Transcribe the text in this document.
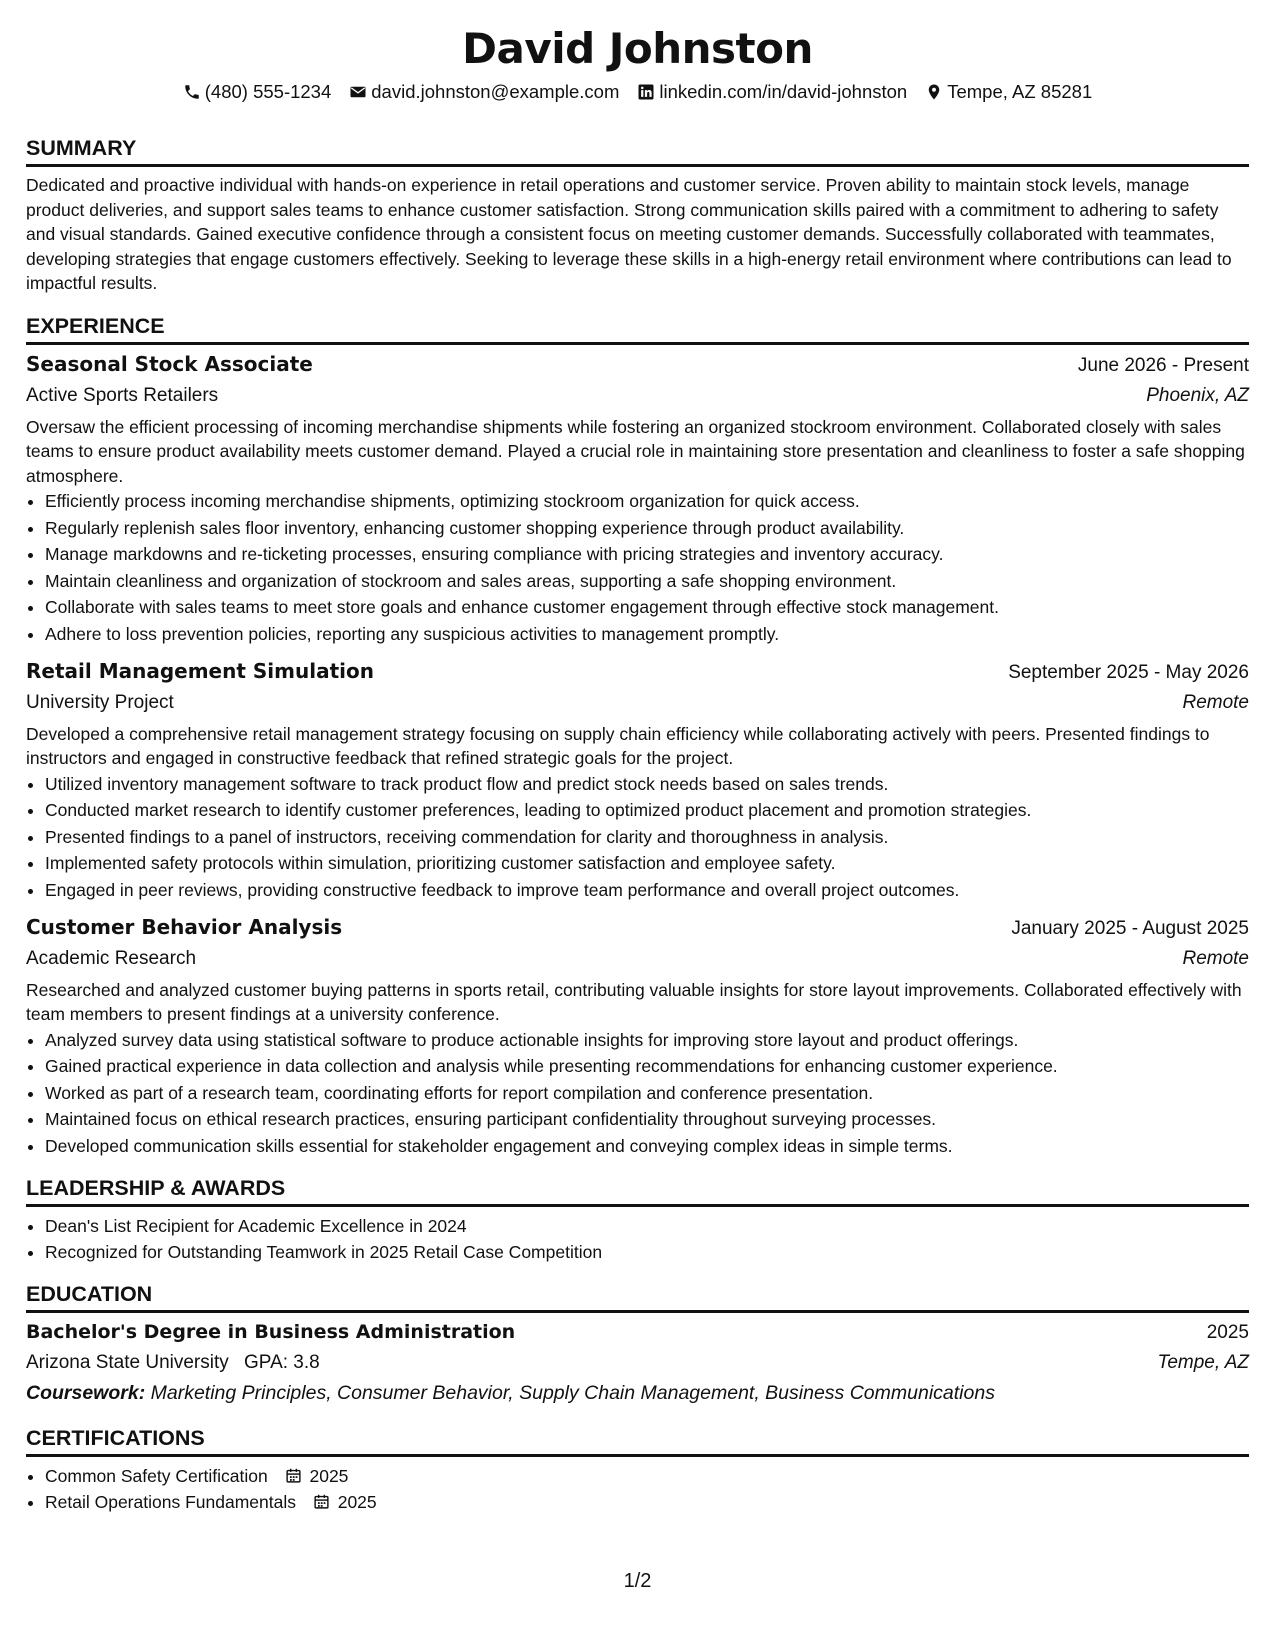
David Johnston
(480) 555-1234 david.johnston@example.com linkedin.com/in/david-johnston Tempe, AZ 85281
SUMMARY

Dedicated and proactive individual with hands-on experience in retail operations and customer service. Proven ability to maintain stock levels, manage product deliveries, and support sales teams to enhance customer satisfaction. Strong communication skills paired with a commitment to adhering to safety and visual standards. Gained executive confidence through a consistent focus on meeting customer demands. Successfully collaborated with teammates, developing strategies that engage customers effectively. Seeking to leverage these skills in a high-energy retail environment where contributions can lead to impactful results.

EXPERIENCE
Seasonal Stock Associate	June 2026 - Present
Active Sports Retailers	Phoenix, AZ

Oversaw the efficient processing of incoming merchandise shipments while fostering an organized stockroom environment. Collaborated closely with sales teams to ensure product availability meets customer demand. Played a crucial role in maintaining store presentation and cleanliness to foster a safe shopping atmosphere.

• Efficiently process incoming merchandise shipments, optimizing stockroom organization for quick access.
• Regularly replenish sales floor inventory, enhancing customer shopping experience through product availability.
• Manage markdowns and re-ticketing processes, ensuring compliance with pricing strategies and inventory accuracy.
• Maintain cleanliness and organization of stockroom and sales areas, supporting a safe shopping environment.
• Collaborate with sales teams to meet store goals and enhance customer engagement through effective stock management.
• Adhere to loss prevention policies, reporting any suspicious activities to management promptly.
Retail Management Simulation	September 2025 - May 2026
University Project	Remote

Developed a comprehensive retail management strategy focusing on supply chain efficiency while collaborating actively with peers. Presented findings to instructors and engaged in constructive feedback that refined strategic goals for the project.

• Utilized inventory management software to track product flow and predict stock needs based on sales trends.
• Conducted market research to identify customer preferences, leading to optimized product placement and promotion strategies.
• Presented findings to a panel of instructors, receiving commendation for clarity and thoroughness in analysis.
• Implemented safety protocols within simulation, prioritizing customer satisfaction and employee safety.
• Engaged in peer reviews, providing constructive feedback to improve team performance and overall project outcomes.
Customer Behavior Analysis	January 2025 - August 2025
Academic Research	Remote

Researched and analyzed customer buying patterns in sports retail, contributing valuable insights for store layout improvements. Collaborated effectively with team members to present findings at a university conference.

• Analyzed survey data using statistical software to produce actionable insights for improving store layout and product offerings.
• Gained practical experience in data collection and analysis while presenting recommendations for enhancing customer experience.
• Worked as part of a research team, coordinating efforts for report compilation and conference presentation.
• Maintained focus on ethical research practices, ensuring participant confidentiality throughout surveying processes.
• Developed communication skills essential for stakeholder engagement and conveying complex ideas in simple terms.
LEADERSHIP & AWARDS
• Dean's List Recipient for Academic Excellence in 2024
• Recognized for Outstanding Teamwork in 2025 Retail Case Competition
EDUCATION
Bachelor's Degree in Business Administration	2025
Arizona State University GPA: 3.8	Tempe, AZ
Coursework: Marketing Principles, Consumer Behavior, Supply Chain Management, Business Communications
CERTIFICATIONS
• Common Safety Certification 2025
• Retail Operations Fundamentals 2025
1/2
